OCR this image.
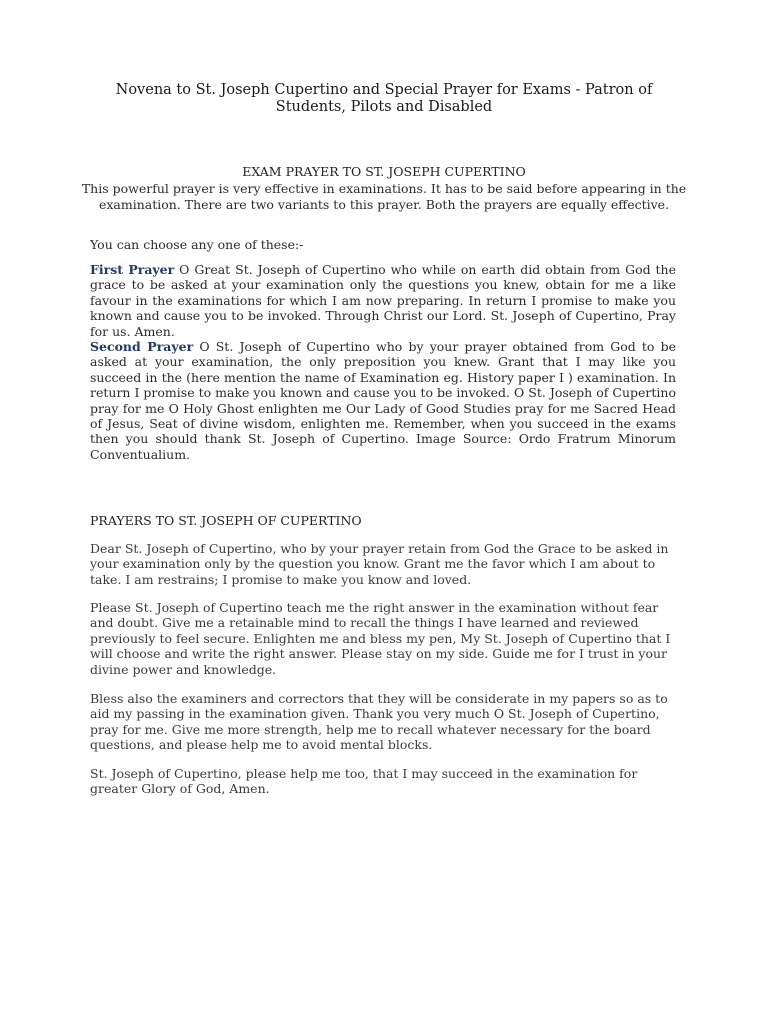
Novena to St. Joseph Cupertino and Special Prayer for Exams - Patron of Students, Pilots and Disabled
EXAM PRAYER TO ST. JOSEPH CUPERTINO
This powerful prayer is very effective in examinations. It has to be said before appearing in the examination. There are two variants to this prayer. Both the prayers are equally effective.
You can choose any one of these:-

First Prayer O Great St. Joseph of Cupertino who while on earth did obtain from God the grace to be asked at your examination only the questions you knew, obtain for me a like favour in the examinations for which I am now preparing. In return I promise to make you known and cause you to be invoked. Through Christ our Lord. St. Joseph of Cupertino, Pray for us. Amen.

Second Prayer O St. Joseph of Cupertino who by your prayer obtained from God to be asked at your examination, the only preposition you knew. Grant that I may like you succeed in the (here mention the name of Examination eg. History paper I ) examination. In return I promise to make you known and cause you to be invoked. O St. Joseph of Cupertino pray for me O Holy Ghost enlighten me Our Lady of Good Studies pray for me Sacred Head of Jesus, Seat of divine wisdom, enlighten me. Remember, when you succeed in the exams then you should thank St. Joseph of Cupertino. Image Source: Ordo Fratrum Minorum Conventualium.

PRAYERS TO ST. JOSEPH OF CUPERTINO
Dear St. Joseph of Cupertino, who by your prayer retain from God the Grace to be asked in your examination only by the question you know. Grant me the favor which I am about to take. I am restrains; I promise to make you know and loved.
Please St. Joseph of Cupertino teach me the right answer in the examination without fear and doubt. Give me a retainable mind to recall the things I have learned and reviewed previously to feel secure. Enlighten me and bless my pen, My St. Joseph of Cupertino that I will choose and write the right answer. Please stay on my side. Guide me for I trust in your divine power and knowledge.
Bless also the examiners and correctors that they will be considerate in my papers so as to aid my passing in the examination given. Thank you very much O St. Joseph of Cupertino, pray for me. Give me more strength, help me to recall whatever necessary for the board questions, and please help me to avoid mental blocks.
St. Joseph of Cupertino, please help me too, that I may succeed in the examination for greater Glory of God, Amen.
